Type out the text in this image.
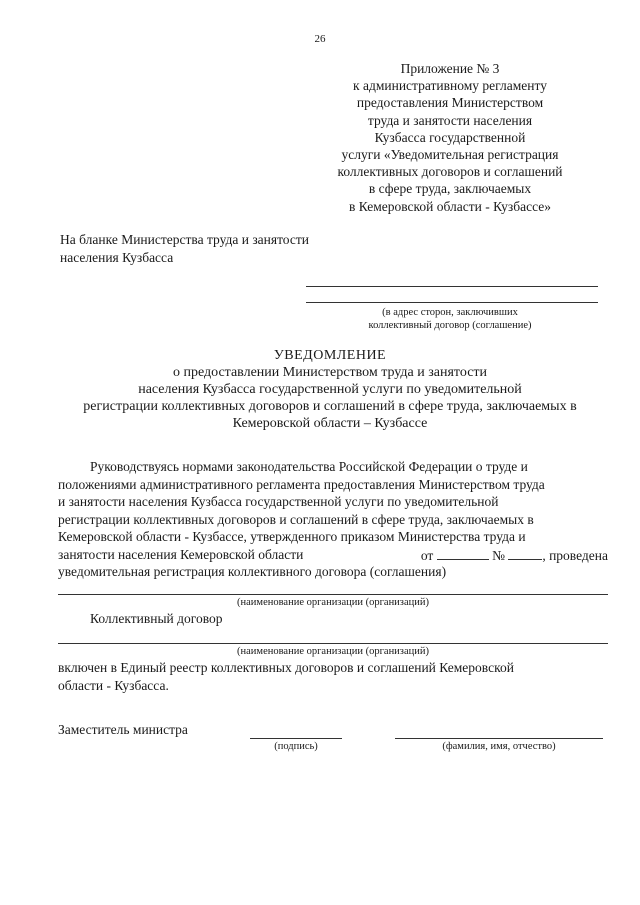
26
Приложение № 3
к административному регламенту
предоставления Министерством
труда и занятости населения
Кузбасса государственной
услуги «Уведомительная регистрация
коллективных договоров и соглашений
в сфере труда, заключаемых
в Кемеровской области - Кузбассе»
На бланке Министерства труда и занятости
населения Кузбасса
(в адрес сторон, заключивших
коллективный договор (соглашение)
УВЕДОМЛЕНИЕ
о предоставлении Министерством труда и занятости
населения Кузбасса государственной услуги по уведомительной
регистрации коллективных договоров и соглашений в сфере труда, заключаемых в
Кемеровской области – Кузбассе
Руководствуясь нормами законодательства Российской Федерации о труде и
положениями административного регламента предоставления Министерством труда
и занятости населения Кузбасса государственной услуги по уведомительной
регистрации коллективных договоров и соглашений в сфере труда, заключаемых в
Кемеровской области - Кузбассе, утвержденного приказом Министерства труда и
занятости населения Кемеровской области	от	№	, проведена
уведомительная регистрация коллективного договора (соглашения)
(наименование организации (организаций)
Коллективный договор
(наименование организации (организаций)
включен в Единый реестр коллективных договоров и соглашений Кемеровской
области - Кузбасса.
Заместитель министра
(подпись)	(фамилия, имя, отчество)
